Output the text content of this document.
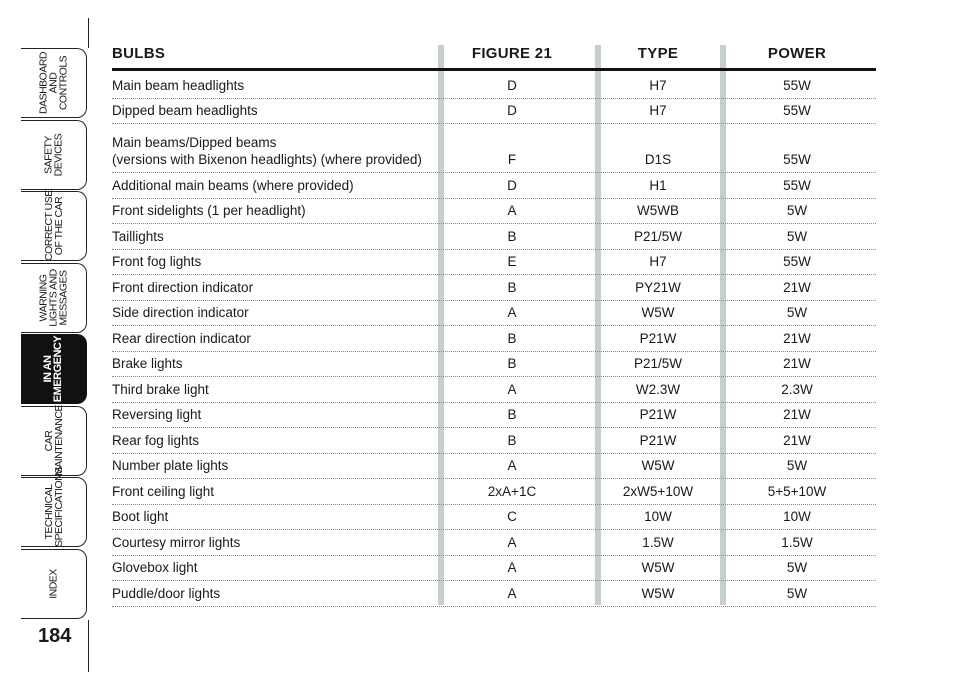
DASHBOARD
AND
CONTROLS
SAFETY
DEVICES
CORRECT USE
OF THE CAR
WARNING
LIGHTS AND
MESSAGES
IN AN
EMERGENCY
CAR
MAINTENANCE
TECHNICAL
SPECIFICATIONS
INDEX
184
BULBS	FIGURE 21	TYPE	POWER
Main beam headlights	D	H7	55W
Dipped beam headlights	D	H7	55W
Main beams/Dipped beams
(versions with Bixenon headlights) (where provided)	F	D1S	55W
Additional main beams (where provided)	D	H1	55W
Front sidelights (1 per headlight)	A	W5WB	5W
Taillights	B	P21/5W	5W
Front fog lights	E	H7	55W
Front direction indicator	B	PY21W	21W
Side direction indicator	A	W5W	5W
Rear direction indicator	B	P21W	21W
Brake lights	B	P21/5W	21W
Third brake light	A	W2.3W	2.3W
Reversing light	B	P21W	21W
Rear fog lights	B	P21W	21W
Number plate lights	A	W5W	5W
Front ceiling light	2xA+1C	2xW5+10W	5+5+10W
Boot light	C	10W	10W
Courtesy mirror lights	A	1.5W	1.5W
Glovebox light	A	W5W	5W
Puddle/door lights	A	W5W	5W
